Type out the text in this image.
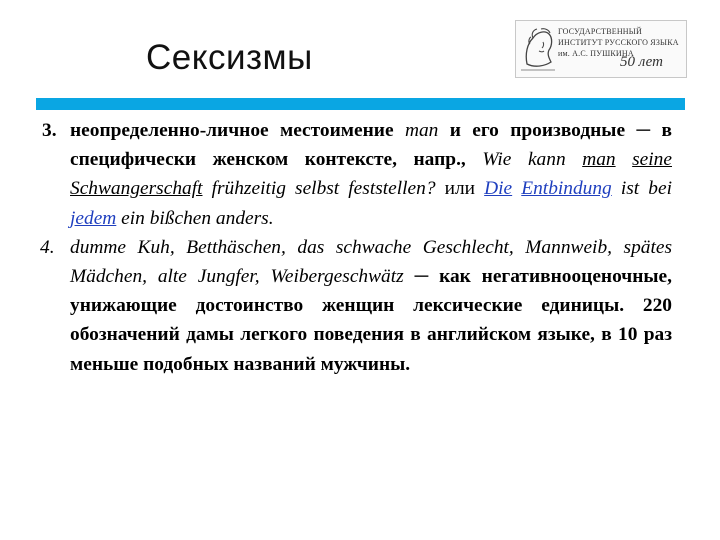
Сексизмы
ГОСУДАРСТВЕННЫЙ
ИНСТИТУТ РУССКОГО ЯЗЫКА
им. А.С. ПУШКИНА
50 лет
3. неопределенно-личное местоимение man и его производные ─ в специфически женском контексте, напр., Wie kann man seine Schwangerschaft frühzeitig selbst feststellen? или Die Entbindung ist bei jedem ein bißchen anders.
4. dumme Kuh, Betthäschen, das schwache Geschlecht, Mannweib, spätes Mädchen, alte Jungfer, Weibergeschwätz ─ как негативнооценочные, унижающие достоинство женщин лексические единицы. 220 обозначений дамы легкого поведения в английском языке, в 10 раз меньше подобных названий мужчины.
